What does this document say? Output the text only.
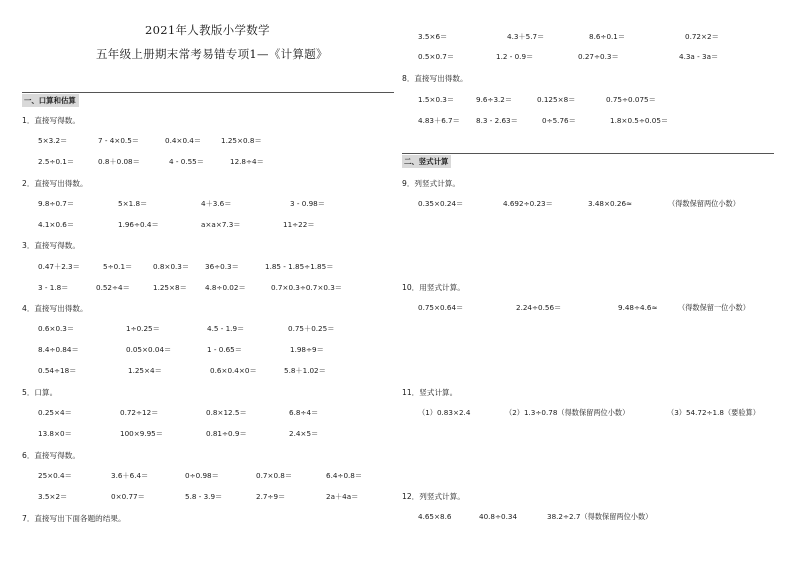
2021年人教版小学数学
五年级上册期末常考易错专项1—《计算题》
一、口算和估算
1．直接写得数。
5×3.2＝	7 - 4×0.5＝	0.4×0.4＝	1.25×0.8＝
2.5÷0.1＝	0.8＋0.08＝	4 - 0.55＝	12.8÷4＝
2．直接写出得数。
9.8÷0.7＝	5×1.8＝	4＋3.6＝	3 - 0.98＝
4.1×0.6＝	1.96÷0.4＝	a×a×7.3＝	11÷22＝
3．直接写得数。
0.47＋2.3＝	5÷0.1＝	0.8×0.3＝ 36÷0.3＝	1.85 - 1.85÷1.85＝
3 - 1.8＝	0.52÷4＝	1.25×8＝	4.8÷0.02＝	0.7×0.3÷0.7×0.3＝
4．直接写出得数。
0.6×0.3＝	1÷0.25＝	4.5 - 1.9＝	0.75＋0.25＝
8.4÷0.84＝	0.05×0.04＝	1 - 0.65＝	1.98÷9＝
0.54÷18＝	1.25×4＝	0.6×0.4×0＝	5.8＋1.02＝
5．口算。
0.25×4＝	0.72÷12＝	0.8×12.5＝	6.8÷4＝
13.8×0＝	100×9.95＝	0.81÷0.9＝	2.4×5＝
6．直接写得数。
25×0.4＝	3.6＋6.4＝	0÷0.98＝	0.7×0.8＝	6.4÷0.8＝
3.5×2＝	0×0.77＝	5.8 - 3.9＝	2.7÷9＝	2a＋4a＝
7．直接写出下面各题的结果。
3.5×6＝	4.3＋5.7＝	8.6÷0.1＝	0.72×2＝
0.5×0.7＝	1.2 - 0.9＝	0.27÷0.3＝	4.3a - 3a＝
8．直接写出得数。
1.5×0.3＝	9.6÷3.2＝	0.125×8＝	0.75÷0.075＝
4.83＋6.7＝ 8.3 - 2.63＝	0÷5.76＝	1.8×0.5÷0.05＝
二、竖式计算
9．列竖式计算。
0.35×0.24＝	4.692÷0.23＝	3.48×0.26≈	（得数保留两位小数）
10．用竖式计算。
0.75×0.64＝	2.24÷0.56＝	9.48÷4.6≈	（得数保留一位小数）
11．竖式计算。
（1）0.83×2.4	（2）1.3÷0.78（得数保留两位小数）	（3）54.72÷1.8（要验算）
12．列竖式计算。
4.65×8.6	40.8÷0.34	38.2÷2.7（得数保留两位小数）
